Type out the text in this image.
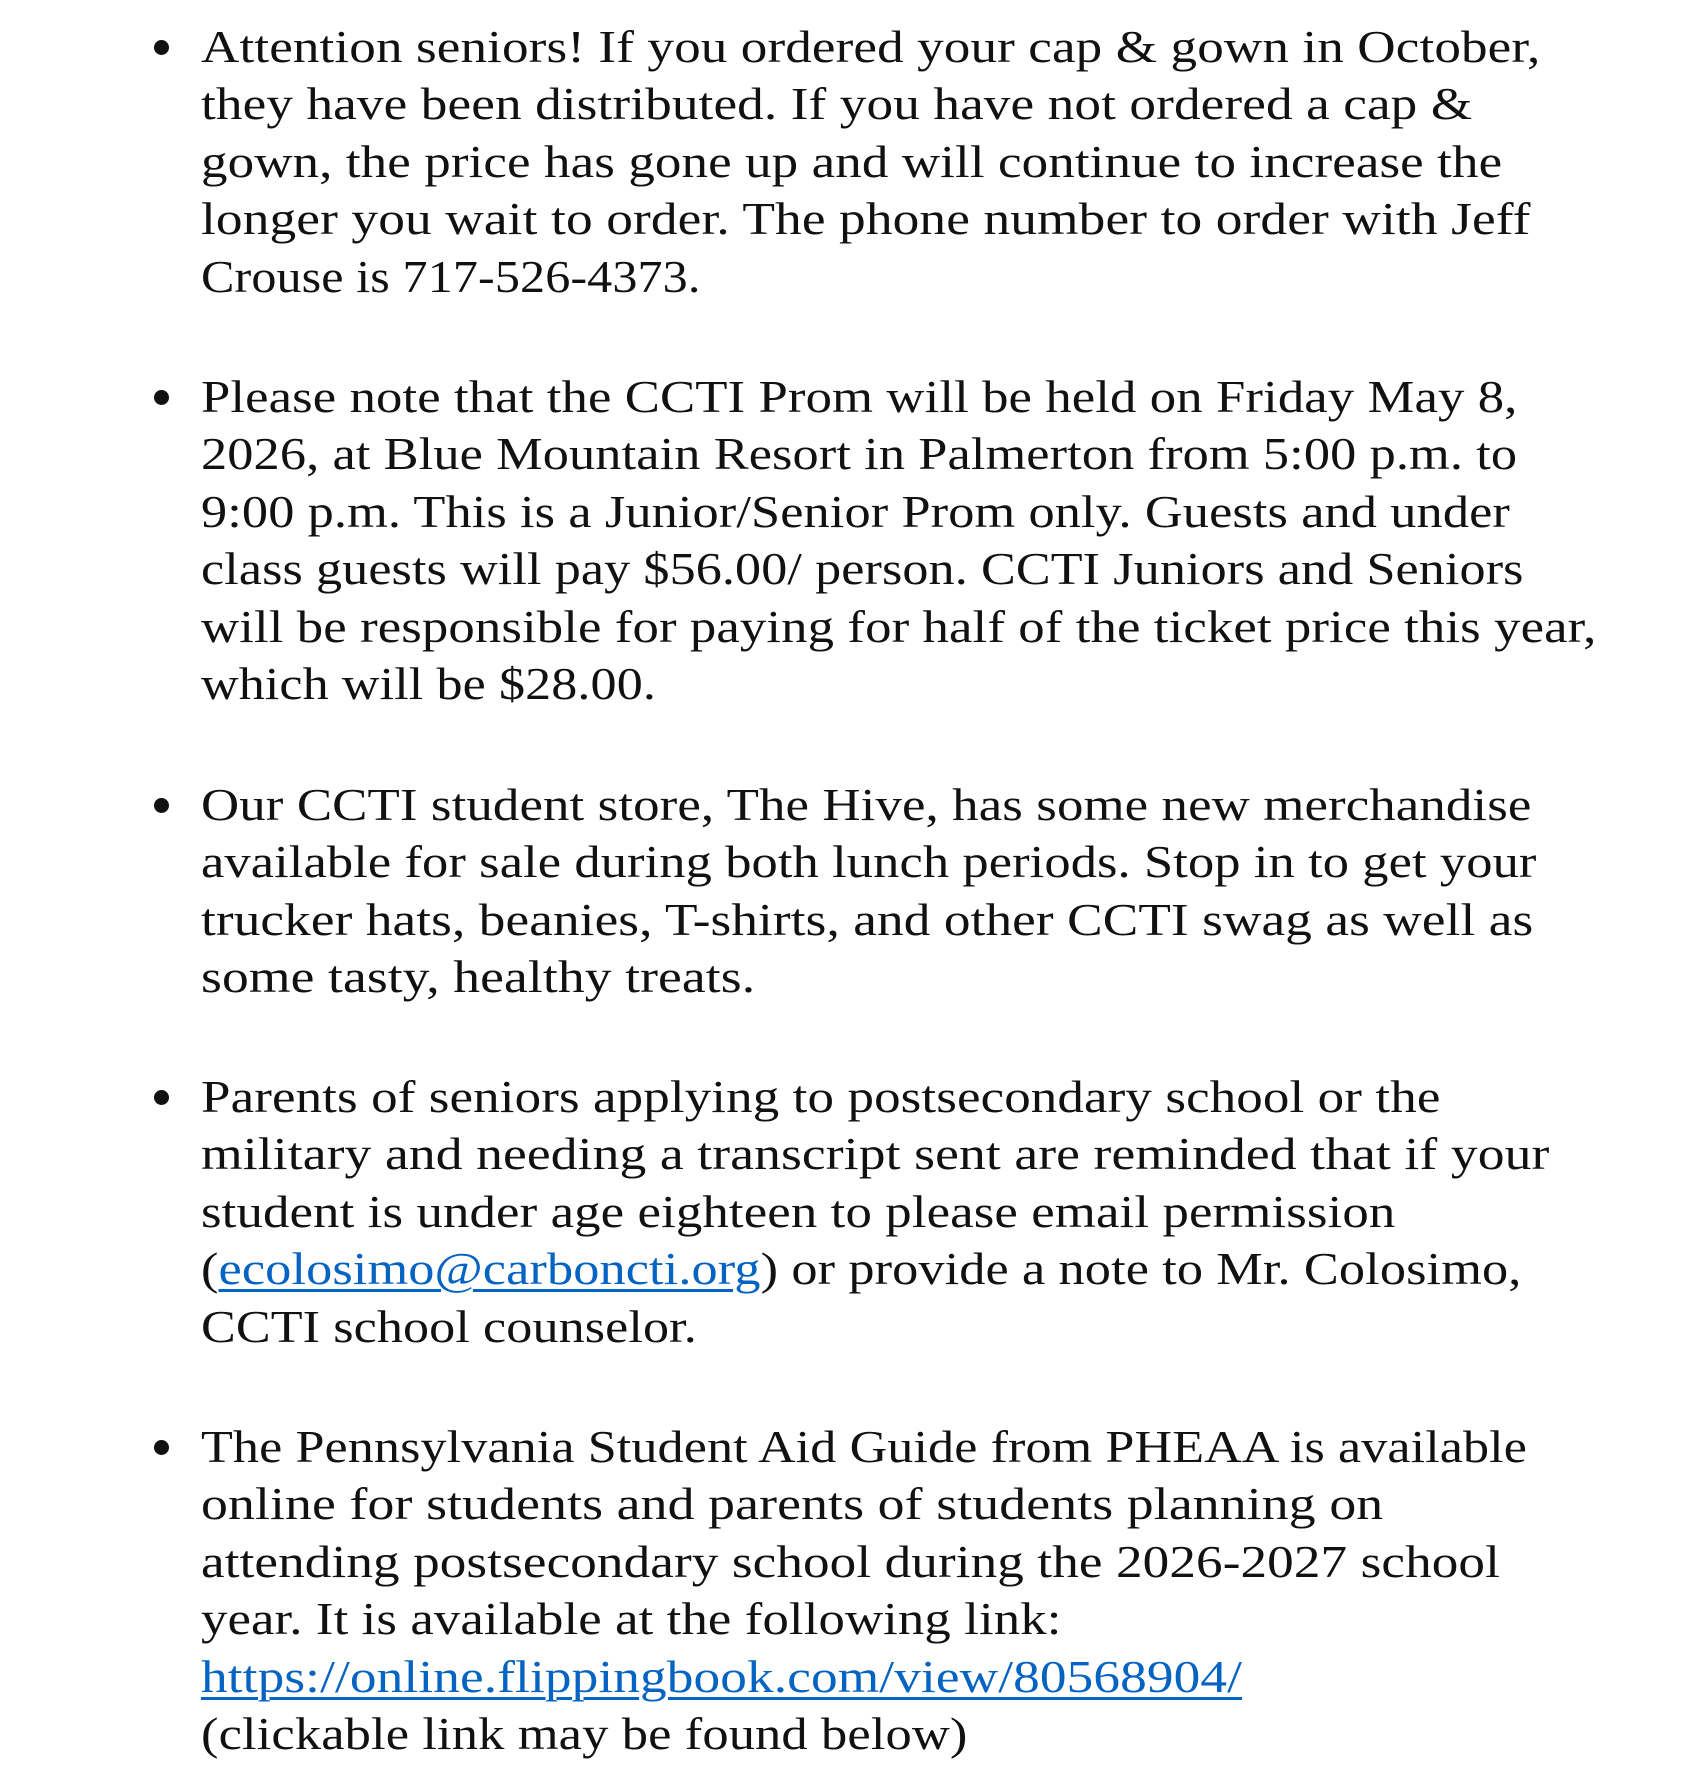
Attention seniors! If you ordered your cap & gown in October,
they have been distributed. If you have not ordered a cap &
gown, the price has gone up and will continue to increase the
longer you wait to order. The phone number to order with Jeff
Crouse is 717-526-4373.
Please note that the CCTI Prom will be held on Friday May 8,
2026, at Blue Mountain Resort in Palmerton from 5:00 p.m. to
9:00 p.m. This is a Junior/Senior Prom only. Guests and under
class guests will pay $56.00/ person. CCTI Juniors and Seniors
will be responsible for paying for half of the ticket price this year,
which will be $28.00.
Our CCTI student store, The Hive, has some new merchandise
available for sale during both lunch periods. Stop in to get your
trucker hats, beanies, T-shirts, and other CCTI swag as well as
some tasty, healthy treats.
Parents of seniors applying to postsecondary school or the
military and needing a transcript sent are reminded that if your
student is under age eighteen to please email permission
(ecolosimo@carboncti.org) or provide a note to Mr. Colosimo,
CCTI school counselor.
The Pennsylvania Student Aid Guide from PHEAA is available
online for students and parents of students planning on
attending postsecondary school during the 2026-2027 school
year. It is available at the following link:
https://online.flippingbook.com/view/80568904/
(clickable link may be found below)
